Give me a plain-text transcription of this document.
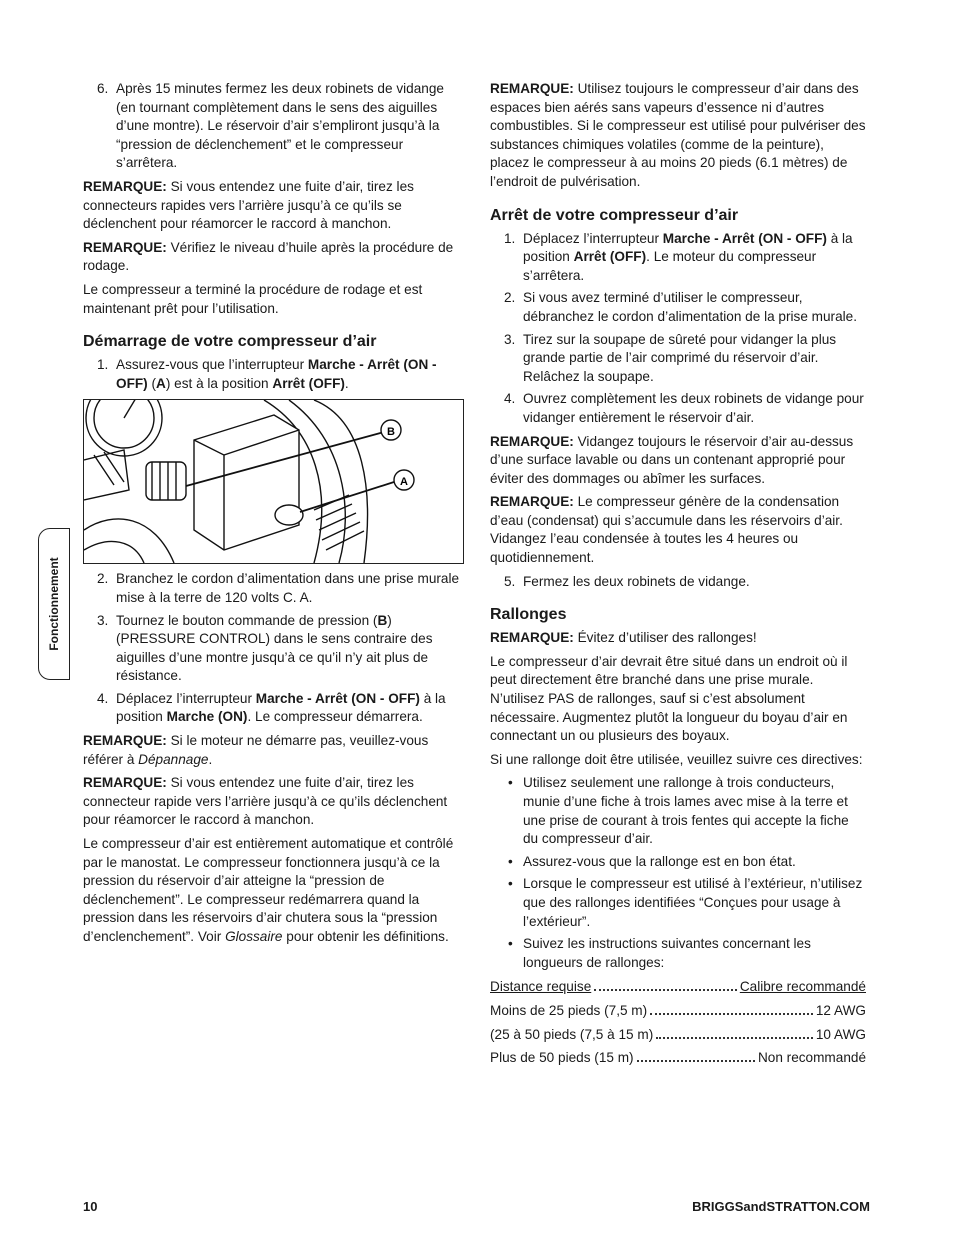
6. Après 15 minutes fermez les deux robinets de vidange (en tournant complètement dans le sens des aiguilles d’une montre). Le réservoir d’air s’empliront jusqu’à la “pression de déclenchement” et le compresseur s’arrêtera.

REMARQUE: Si vous entendez une fuite d’air, tirez les connecteurs rapides vers l’arrière jusqu’à ce qu’ils se déclenchent pour réamorcer le raccord à manchon.

REMARQUE: Vérifiez le niveau d’huile après la procédure de rodage.

Le compresseur a terminé la procédure de rodage et est maintenant prêt pour l’utilisation.

Démarrage de votre compresseur d’air
1. Assurez-vous que l’interrupteur Marche - Arrêt (ON - OFF) (A) est à la position Arrêt (OFF).
B
A
2. Branchez le cordon d’alimentation dans une prise murale mise à la terre de 120 volts C. A.
3. Tournez le bouton commande de pression (B) (PRESSURE CONTROL) dans le sens contraire des aiguilles d’une montre jusqu’à ce qu’il n’y ait plus de résistance.
4. Déplacez l’interrupteur Marche - Arrêt (ON - OFF) à la position Marche (ON). Le compresseur démarrera.

REMARQUE: Si le moteur ne démarre pas, veuillez-vous référer à Dépannage.

REMARQUE: Si vous entendez une fuite d’air, tirez les connecteur rapide vers l’arrière jusqu’à ce qu’ils déclenchent pour réamorcer le raccord à manchon.

Le compresseur d’air est entièrement automatique et contrôlé par le manostat. Le compresseur fonctionnera jusqu’à ce la pression du réservoir d’air atteigne la “pression de déclenchement”. Le compresseur redémarrera quand la pression dans les réservoirs d’air chutera sous la “pression d’enclenchement”. Voir Glossaire pour obtenir les définitions.

REMARQUE: Utilisez toujours le compresseur d’air dans des espaces bien aérés sans vapeurs d’essence ni d’autres combustibles. Si le compresseur est utilisé pour pulvériser des substances chimiques volatiles (comme de la peinture), placez le compresseur à au moins 20 pieds (6.1 mètres) de l’endroit de pulvérisation.

Arrêt de votre compresseur d’air
1. Déplacez l’interrupteur Marche - Arrêt (ON - OFF) à la position Arrêt (OFF). Le moteur du compresseur s’arrêtera.
2. Si vous avez terminé d’utiliser le compresseur, débranchez le cordon d’alimentation de la prise murale.
3. Tirez sur la soupape de sûreté pour vidanger la plus grande partie de l’air comprimé du réservoir d’air. Relâchez la soupape.
4. Ouvrez complètement les deux robinets de vidange pour vidanger entièrement le réservoir d’air.

REMARQUE: Vidangez toujours le réservoir d’air au-dessus d’une surface lavable ou dans un contenant approprié pour éviter des dommages ou abîmer les surfaces.

REMARQUE: Le compresseur génère de la condensation d’eau (condensat) qui s’accumule dans les réservoirs d’air. Vidangez l’eau condensée à toutes les 4 heures ou quotidiennement.

5. Fermez les deux robinets de vidange.
Rallonges

REMARQUE: Évitez d’utiliser des rallonges!

Le compresseur d’air devrait être situé dans un endroit où il peut directement être branché dans une prise murale. N’utilisez PAS de rallonges, sauf si c’est absolument nécessaire. Augmentez plutôt la longueur du boyau d’air en connectant un ou plusieurs des boyaux.

Si une rallonge doit être utilisée, veuillez suivre ces directives:

• Utilisez seulement une rallonge à trois conducteurs, munie d’une fiche à trois lames avec mise à la terre et une prise de courant à trois fentes qui accepte la fiche du compresseur d’air.
• Assurez-vous que la rallonge est en bon état.
• Lorsque le compresseur est utilisé à l’extérieur, n’utilisez que des rallonges identifiées “Conçues pour usage à l’extérieur”.
• Suivez les instructions suivantes concernant les longueurs de rallonges:
Distance requise	Calibre recommandé
Moins de 25 pieds (7,5 m)	12 AWG
(25 à 50 pieds (7,5 à 15 m)	10 AWG
Plus de 50 pieds (15 m)	Non recommandé
Fonctionnement
10	BRIGGSandSTRATTON.COM
